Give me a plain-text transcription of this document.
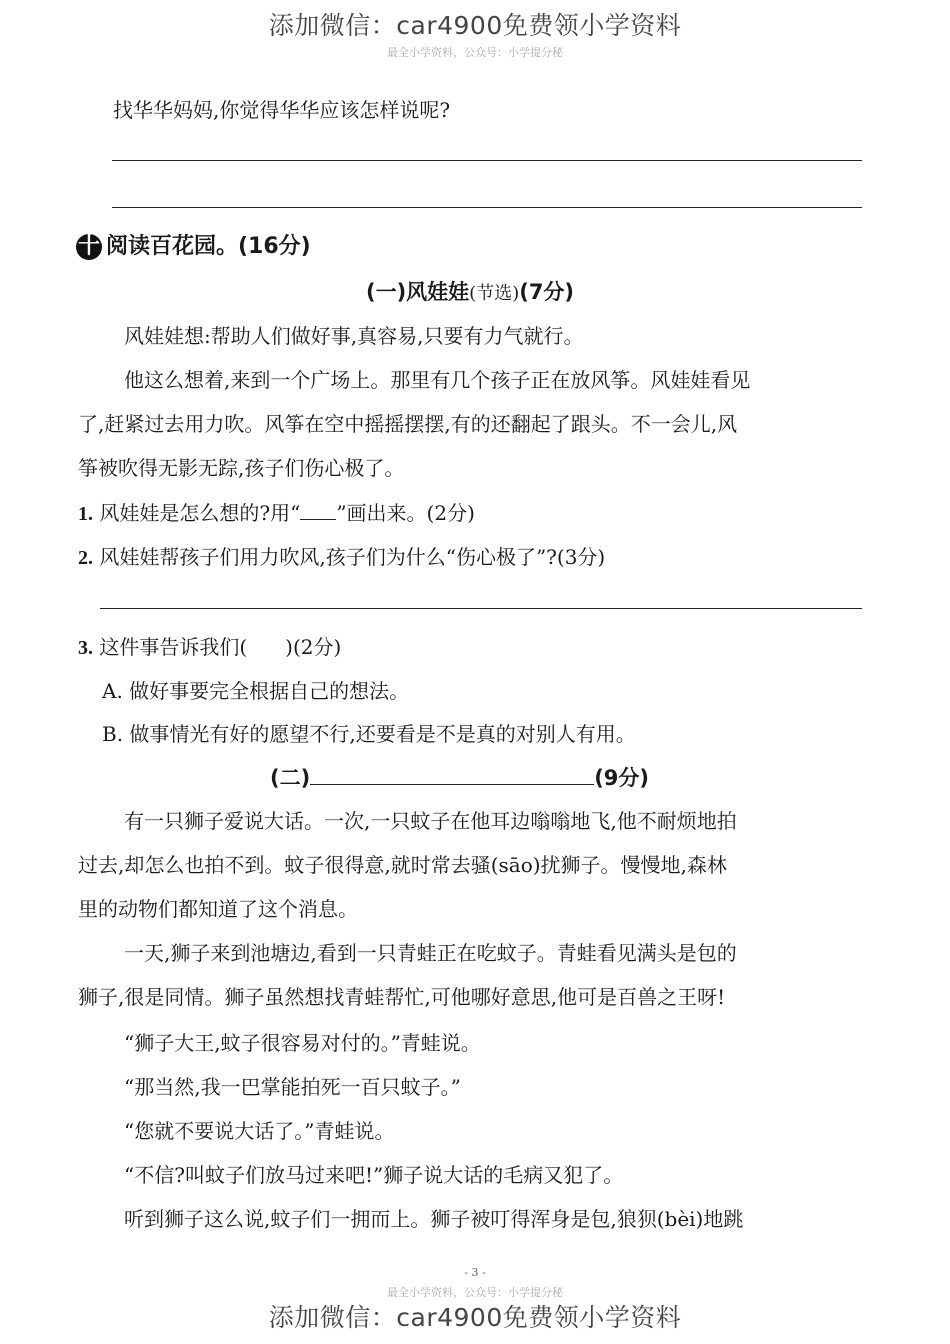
添加微信：car4900免费领小学资料
最全小学资料，公众号：小学提分秘
找华华妈妈,你觉得华华应该怎样说呢?
十 阅读百花园。(16分)
(一)风娃娃(节选)(7分)
风娃娃想:帮助人们做好事,真容易,只要有力气就行。
他这么想着,来到一个广场上。那里有几个孩子正在放风筝。风娃娃看见
了,赶紧过去用力吹。风筝在空中摇摇摆摆,有的还翻起了跟头。不一会儿,风
筝被吹得无影无踪,孩子们伤心极了。
1. 风娃娃是怎么想的?用“ ”画出来。(2分)
2. 风娃娃帮孩子们用力吹风,孩子们为什么“伤心极了”?(3分)
3. 这件事告诉我们( )(2分)
A. 做好事要完全根据自己的想法。
B. 做事情光有好的愿望不行,还要看是不是真的对别人有用。
(二)	(9分)
有一只狮子爱说大话。一次,一只蚊子在他耳边嗡嗡地飞,他不耐烦地拍
过去,却怎么也拍不到。蚊子很得意,就时常去骚(sāo)扰狮子。慢慢地,森林
里的动物们都知道了这个消息。
一天,狮子来到池塘边,看到一只青蛙正在吃蚊子。青蛙看见满头是包的
狮子,很是同情。狮子虽然想找青蛙帮忙,可他哪好意思,他可是百兽之王呀!
“狮子大王,蚊子很容易对付的。”青蛙说。
“那当然,我一巴掌能拍死一百只蚊子。”
“您就不要说大话了。”青蛙说。
“不信?叫蚊子们放马过来吧!”狮子说大话的毛病又犯了。
听到狮子这么说,蚊子们一拥而上。狮子被叮得浑身是包,狼狈(bèi)地跳
- 3 -
最全小学资料，公众号：小学提分秘
添加微信：car4900免费领小学资料
